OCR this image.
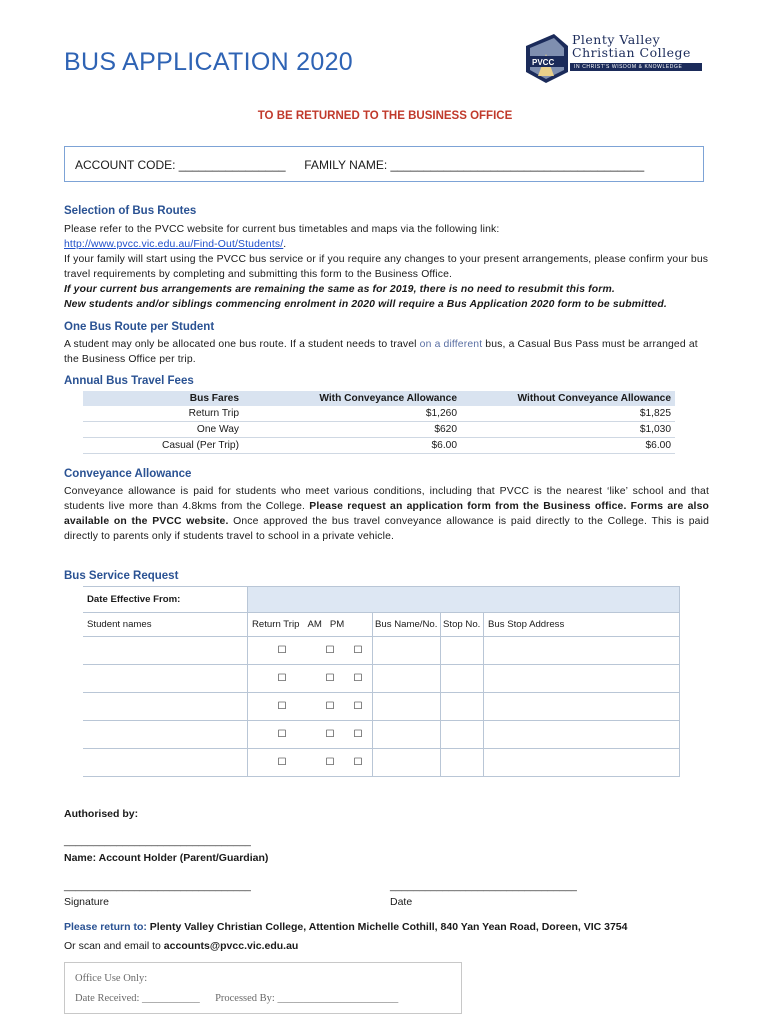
BUS APPLICATION 2020	PVCC
Plenty Valley
Christian College
IN CHRIST'S WISDOM & KNOWLEDGE
TO BE RETURNED TO THE BUSINESS OFFICE
ACCOUNT CODE: ________________ FAMILY NAME: ______________________________________
Selection of Bus Routes
Please refer to the PVCC website for current bus timetables and maps via the following link:
http://www.pvcc.vic.edu.au/Find-Out/Students/.
If your family will start using the PVCC bus service or if you require any changes to your present arrangements, please confirm your bus travel requirements by completing and submitting this form to the Business Office.
If your current bus arrangements are remaining the same as for 2019, there is no need to resubmit this form.
New students and/or siblings commencing enrolment in 2020 will require a Bus Application 2020 form to be submitted.
One Bus Route per Student
A student may only be allocated one bus route. If a student needs to travel on a different bus, a Casual Bus Pass must be arranged at the Business Office per trip.
Annual Bus Travel Fees
Bus Fares	With Conveyance Allowance	Without Conveyance Allowance
Return Trip	$1,260	$1,825
One Way	$620	$1,030
Casual (Per Trip)	$6.00	$6.00
Conveyance Allowance
Conveyance allowance is paid for students who meet various conditions, including that PVCC is the nearest ‘like’ school and that students live more than 4.8kms from the College. Please request an application form from the Business office. Forms are also available on the PVCC website. Once approved the bus travel conveyance allowance is paid directly to the College. This is paid directly to parents only if students travel to school in a private vehicle.
Bus Service Request
Date Effective From:						
Student names	Return Trip AM PM			Bus Name/No.	Stop No.	Bus Stop Address
	☐	☐	☐			
	☐	☐	☐			
	☐	☐	☐			
	☐	☐	☐			
	☐	☐	☐			
Authorised by:
________________________________
Name: Account Holder (Parent/Guardian)
________________________________
Signature
________________________________
Date
Please return to: Plenty Valley Christian College, Attention Michelle Cothill, 840 Yan Yean Road, Doreen, VIC 3754
Or scan and email to accounts@pvcc.vic.edu.au
Office Use Only:
Date Received: ___________ Processed By: _______________________
